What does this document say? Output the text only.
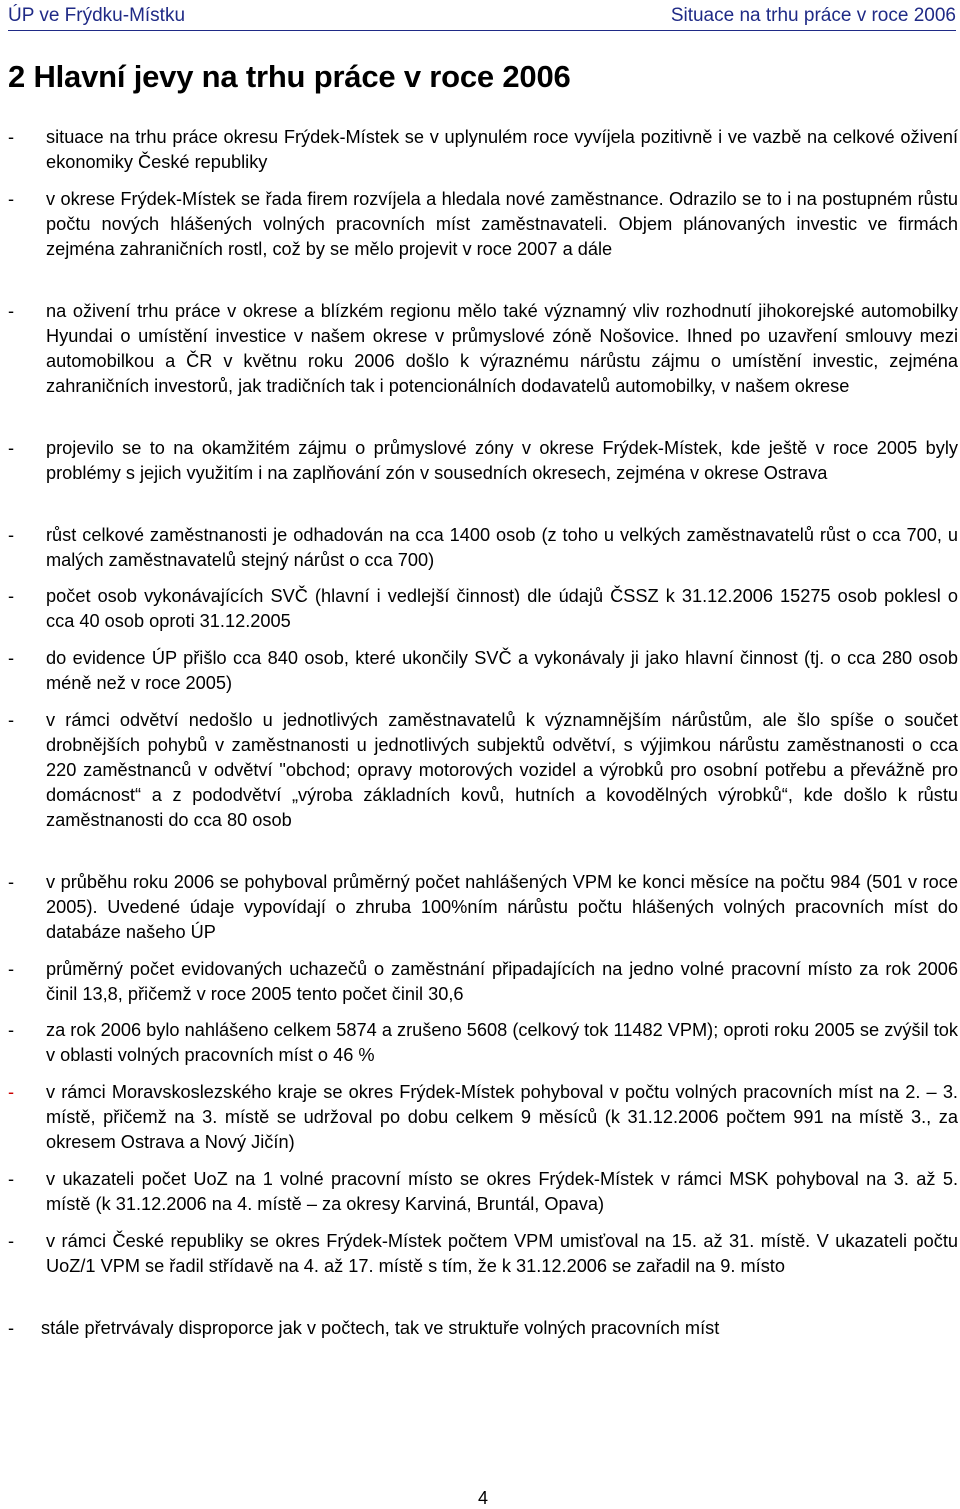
ÚP ve Frýdku-Místku	Situace na trhu práce v roce 2006
2 Hlavní jevy na trhu práce v roce 2006
- situace na trhu práce okresu Frýdek-Místek se v uplynulém roce vyvíjela pozitivně i ve vazbě na celkové oživení ekonomiky České republiky
- v okrese Frýdek-Místek se řada firem rozvíjela a hledala nové zaměstnance. Odrazilo se to i na postupném růstu počtu nových hlášených volných pracovních míst zaměstnavateli. Objem plánovaných investic ve firmách zejména zahraničních rostl, což by se mělo projevit v roce 2007 a dále
- na oživení trhu práce v okrese a blízkém regionu mělo také významný vliv rozhodnutí jihokorejské automobilky Hyundai o umístění investice v našem okrese v průmyslové zóně Nošovice. Ihned po uzavření smlouvy mezi automobilkou a ČR v květnu roku 2006 došlo k výraznému nárůstu zájmu o umístění investic, zejména zahraničních investorů, jak tradičních tak i potencionálních dodavatelů automobilky, v našem okrese
- projevilo se to na okamžitém zájmu o průmyslové zóny v okrese Frýdek-Místek, kde ještě v roce 2005 byly problémy s jejich využitím i na zaplňování zón v sousedních okresech, zejména v okrese Ostrava
- růst celkové zaměstnanosti je odhadován na cca 1400 osob (z toho u velkých zaměstnavatelů růst o cca 700, u malých zaměstnavatelů stejný nárůst o cca 700)
- počet osob vykonávajících SVČ (hlavní i vedlejší činnost) dle údajů ČSSZ k 31.12.2006 15275 osob poklesl o cca 40 osob oproti 31.12.2005
- do evidence ÚP přišlo cca 840 osob, které ukončily SVČ a vykonávaly ji jako hlavní činnost (tj. o cca 280 osob méně než v roce 2005)
- v rámci odvětví nedošlo u jednotlivých zaměstnavatelů k významnějším nárůstům, ale šlo spíše o součet drobnějších pohybů v zaměstnanosti u jednotlivých subjektů odvětví, s výjimkou nárůstu zaměstnanosti o cca 220 zaměstnanců v odvětví "obchod; opravy motorových vozidel a výrobků pro osobní potřebu a převážně pro domácnost“ a z pododvětví „výroba základních kovů, hutních a kovodělných výrobků“, kde došlo k růstu zaměstnanosti do cca 80 osob
- v průběhu roku 2006 se pohyboval průměrný počet nahlášených VPM ke konci měsíce na počtu 984 (501 v roce 2005). Uvedené údaje vypovídají o zhruba 100%ním nárůstu počtu hlášených volných pracovních míst do databáze našeho ÚP
- průměrný počet evidovaných uchazečů o zaměstnání připadajících na jedno volné pracovní místo za rok 2006 činil 13,8, přičemž v roce 2005 tento počet činil 30,6
- za rok 2006 bylo nahlášeno celkem 5874 a zrušeno 5608 (celkový tok 11482 VPM); oproti roku 2005 se zvýšil tok v oblasti volných pracovních míst o 46 %
- v rámci Moravskoslezského kraje se okres Frýdek-Místek pohyboval v počtu volných pracovních míst na 2. – 3. místě, přičemž na 3. místě se udržoval po dobu celkem 9 měsíců (k 31.12.2006 počtem 991 na místě 3., za okresem Ostrava a Nový Jičín)
- v ukazateli počet UoZ na 1 volné pracovní místo se okres Frýdek-Místek v rámci MSK pohyboval na 3. až 5. místě (k 31.12.2006 na 4. místě – za okresy Karviná, Bruntál, Opava)
- v rámci České republiky se okres Frýdek-Místek počtem VPM umisťoval na 15. až 31. místě. V ukazateli počtu UoZ/1 VPM se řadil střídavě na 4. až 17. místě s tím, že k 31.12.2006 se zařadil na 9. místo
- stále přetrvávaly disproporce jak v počtech, tak ve struktuře volných pracovních míst
4
